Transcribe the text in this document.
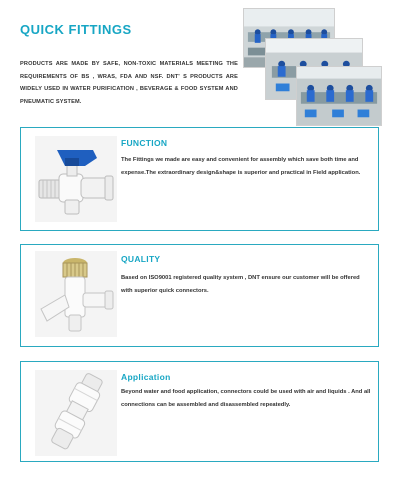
QUICK FITTINGS
PRODUCTS ARE MADE BY SAFE, NON-TOXIC MATERIALS MEETING THE REQUIREMENTS OF BS , WRAS, FDA AND NSF. DNT' S PRODUCTS ARE WIDELY USED IN WATER PURIFICATION , BEVERAGE & FOOD SYSTEM AND PNEUMATIC SYSTEM.
FUNCTION
The Fittings we made are easy and convenient for assembly which save both time and expense.The extraordinary design&shape is superior and practical in Field application.
QUALITY
Based on ISO9001 registered quality system , DNT ensure our customer will be offered with superior quick connectors.
Application
Beyond water and food application, connectors could be used with air and liquids . And all connections can be assembled and disassembled repeatedly.
